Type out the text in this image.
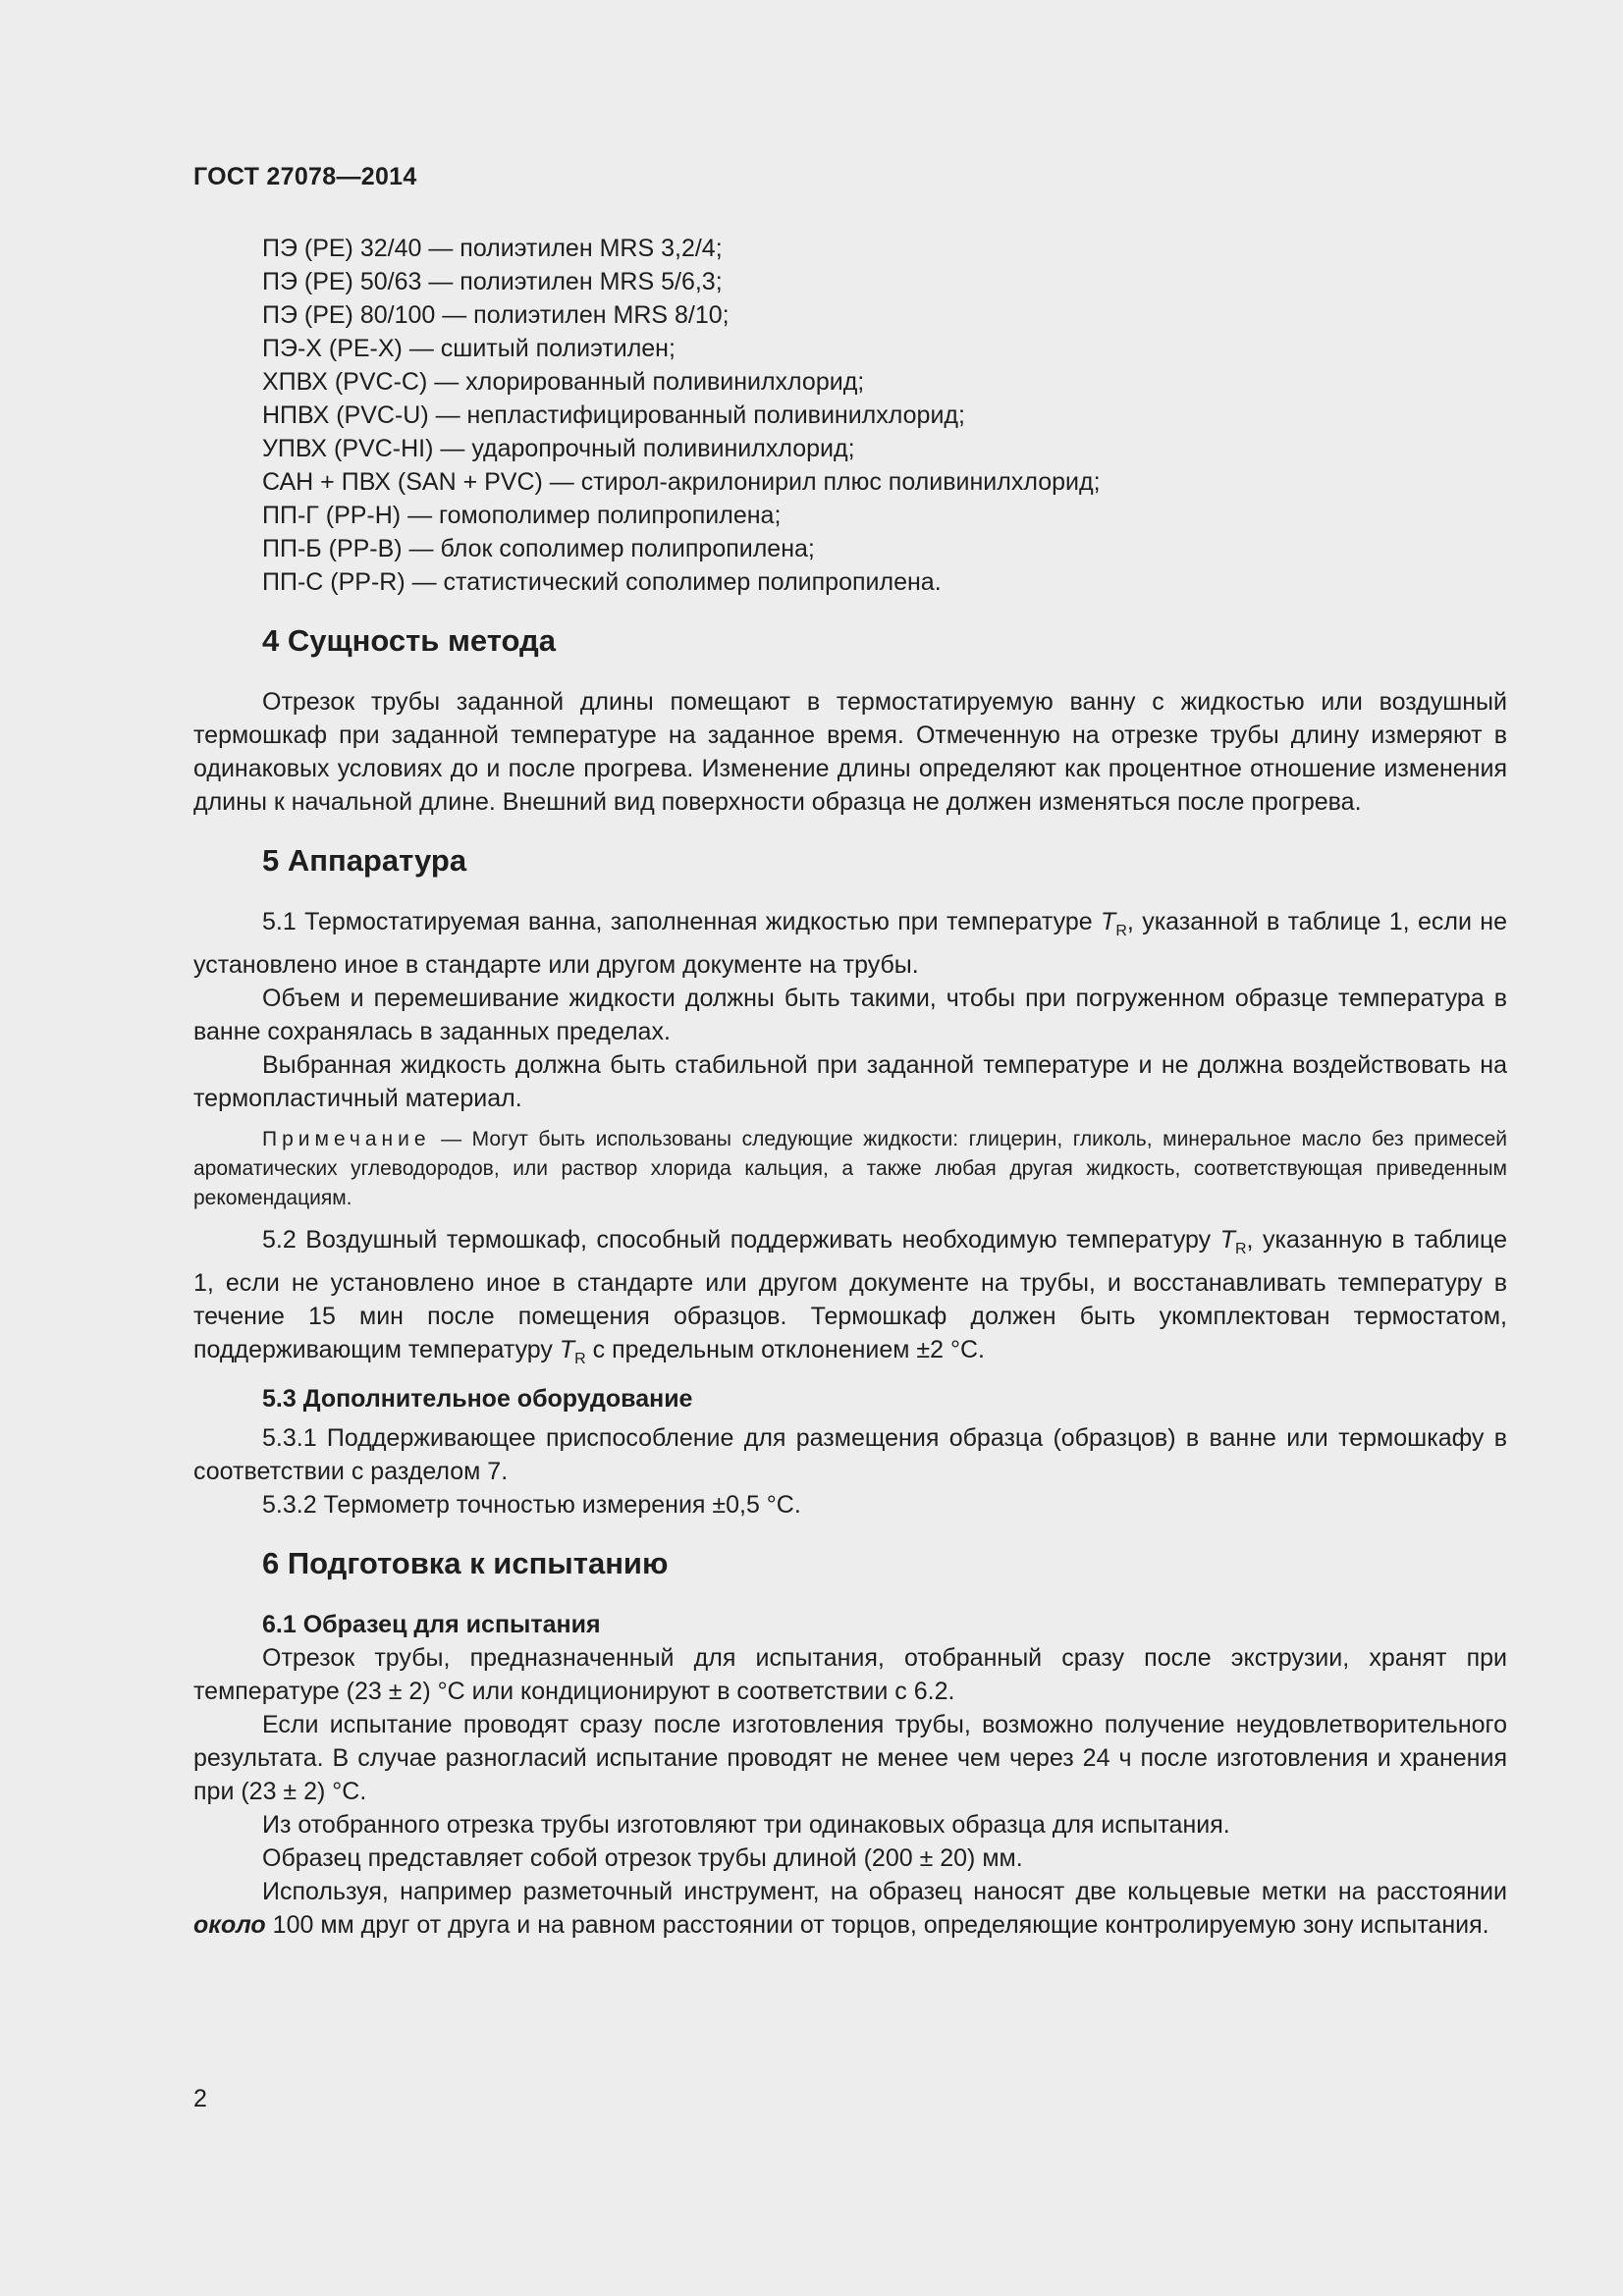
ГОСТ 27078—2014
ПЭ (PE) 32/40 — полиэтилен MRS 3,2/4;
ПЭ (PE) 50/63 — полиэтилен MRS 5/6,3;
ПЭ (PE) 80/100 — полиэтилен MRS 8/10;
ПЭ-Х (PE-X) — сшитый полиэтилен;
ХПВХ (PVC-C) — хлорированный поливинилхлорид;
НПВХ (PVC-U) — непластифицированный поливинилхлорид;
УПВХ (PVC-HI) — ударопрочный поливинилхлорид;
САН + ПВХ (SAN + PVC) — стирол-акрилонирил плюс поливинилхлорид;
ПП-Г (PP-H) — гомополимер полипропилена;
ПП-Б (PP-B) — блок сополимер полипропилена;
ПП-С (PP-R) — статистический сополимер полипропилена.
4 Сущность метода

Отрезок трубы заданной длины помещают в термостатируемую ванну с жидкостью или воздушный термошкаф при заданной температуре на заданное время. Отмеченную на отрезке трубы длину измеряют в одинаковых условиях до и после прогрева. Изменение длины определяют как процентное отношение изменения длины к начальной длине. Внешний вид поверхности образца не должен изменяться после прогрева.

5 Аппаратура

5.1 Термостатируемая ванна, заполненная жидкостью при температуре $T_R$, указанной в таблице 1, если не установлено иное в стандарте или другом документе на трубы.

Объем и перемешивание жидкости должны быть такими, чтобы при погруженном образце температура в ванне сохранялась в заданных пределах.

Выбранная жидкость должна быть стабильной при заданной температуре и не должна воздействовать на термопластичный материал.

Примечание — Могут быть использованы следующие жидкости: глицерин, гликоль, минеральное масло без примесей ароматических углеводородов, или раствор хлорида кальция, а также любая другая жидкость, соответствующая приведенным рекомендациям.

5.2 Воздушный термошкаф, способный поддерживать необходимую температуру $T_R$, указанную в таблице 1, если не установлено иное в стандарте или другом документе на трубы, и восстанавливать температуру в течение 15 мин после помещения образцов. Термошкаф должен быть укомплектован термостатом, поддерживающим температуру $T_R$ с предельным отклонением ±2 °С.

5.3 Дополнительное оборудование

5.3.1 Поддерживающее приспособление для размещения образца (образцов) в ванне или термошкафу в соответствии с разделом 7.

5.3.2 Термометр точностью измерения ±0,5 °С.

6 Подготовка к испытанию
6.1 Образец для испытания

Отрезок трубы, предназначенный для испытания, отобранный сразу после экструзии, хранят при температуре (23 ± 2) °С или кондиционируют в соответствии с 6.2.

Если испытание проводят сразу после изготовления трубы, возможно получение неудовлетворительного результата. В случае разногласий испытание проводят не менее чем через 24 ч после изготовления и хранения при (23 ± 2) °С.

Из отобранного отрезка трубы изготовляют три одинаковых образца для испытания.

Образец представляет собой отрезок трубы длиной (200 ± 20) мм.

Используя, например разметочный инструмент, на образец наносят две кольцевые метки на расстоянии около 100 мм друг от друга и на равном расстоянии от торцов, определяющие контролируемую зону испытания.

2
